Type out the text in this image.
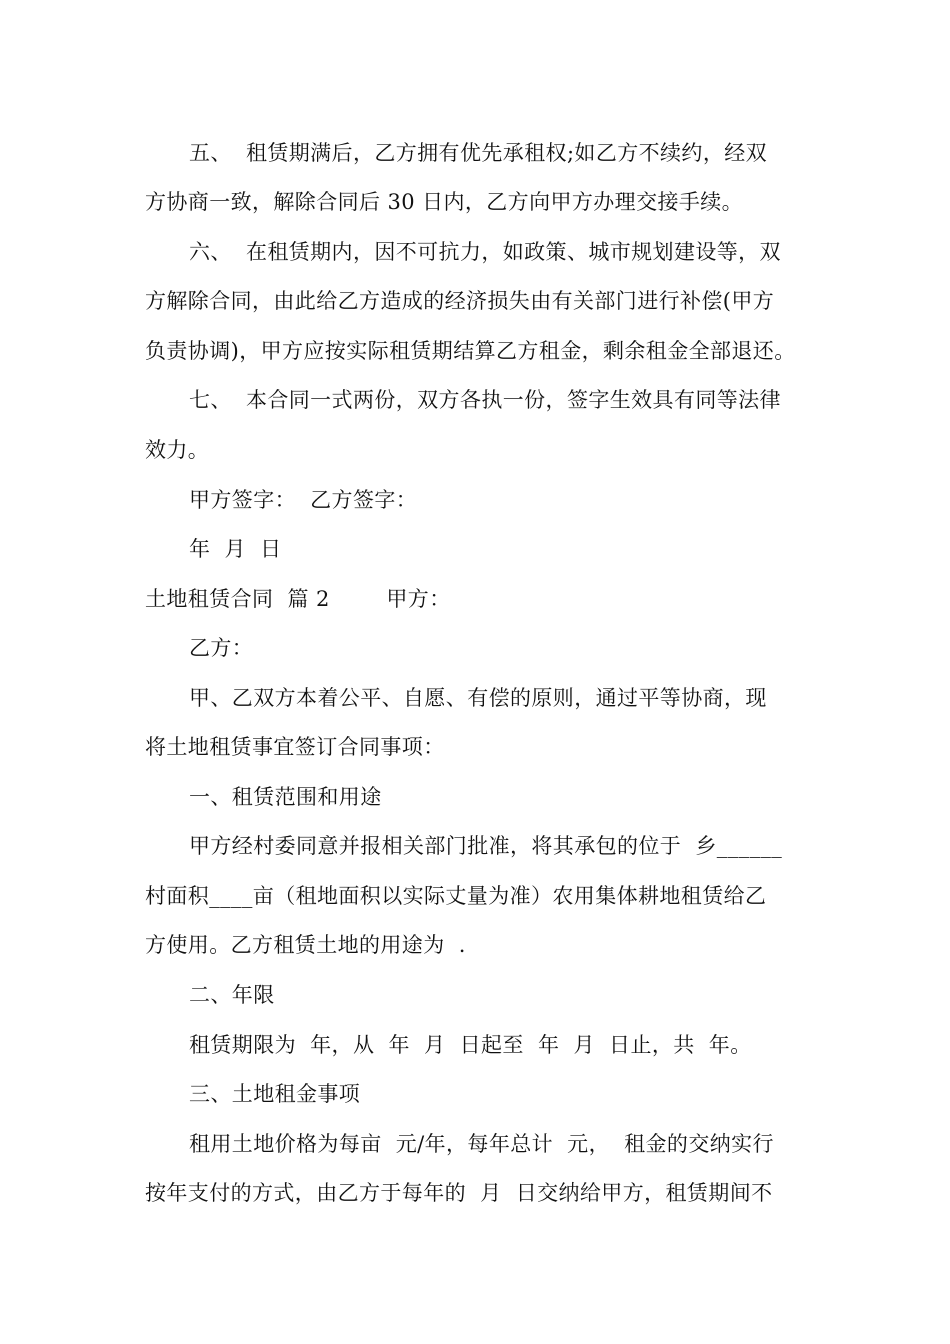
五、  租赁期满后，乙方拥有优先承租权;如乙方不续约，经双
方协商一致，解除合同后 30 日内，乙方向甲方办理交接手续。
六、  在租赁期内，因不可抗力，如政策、城市规划建设等，双
方解除合同，由此给乙方造成的经济损失由有关部门进行补偿(甲方
负责协调)，甲方应按实际租赁期结算乙方租金，剩余租金全部退还。
七、  本合同一式两份，双方各执一份，签字生效具有同等法律
效力。
甲方签字：  乙方签字：
年  月  日
土地租赁合同  篇 2        甲方：
乙方：
甲、乙双方本着公平、自愿、有偿的原则，通过平等协商，现
将土地租赁事宜签订合同事项：
一、租赁范围和用途
甲方经村委同意并报相关部门批准，将其承包的位于  乡______
村面积____亩（租地面积以实际丈量为准）农用集体耕地租赁给乙
方使用。乙方租赁土地的用途为  .
二、年限
租赁期限为  年，从  年  月  日起至  年  月  日止，共  年。
三、土地租金事项
租用土地价格为每亩  元/年，每年总计  元，  租金的交纳实行
按年支付的方式，由乙方于每年的  月  日交纳给甲方，租赁期间不
